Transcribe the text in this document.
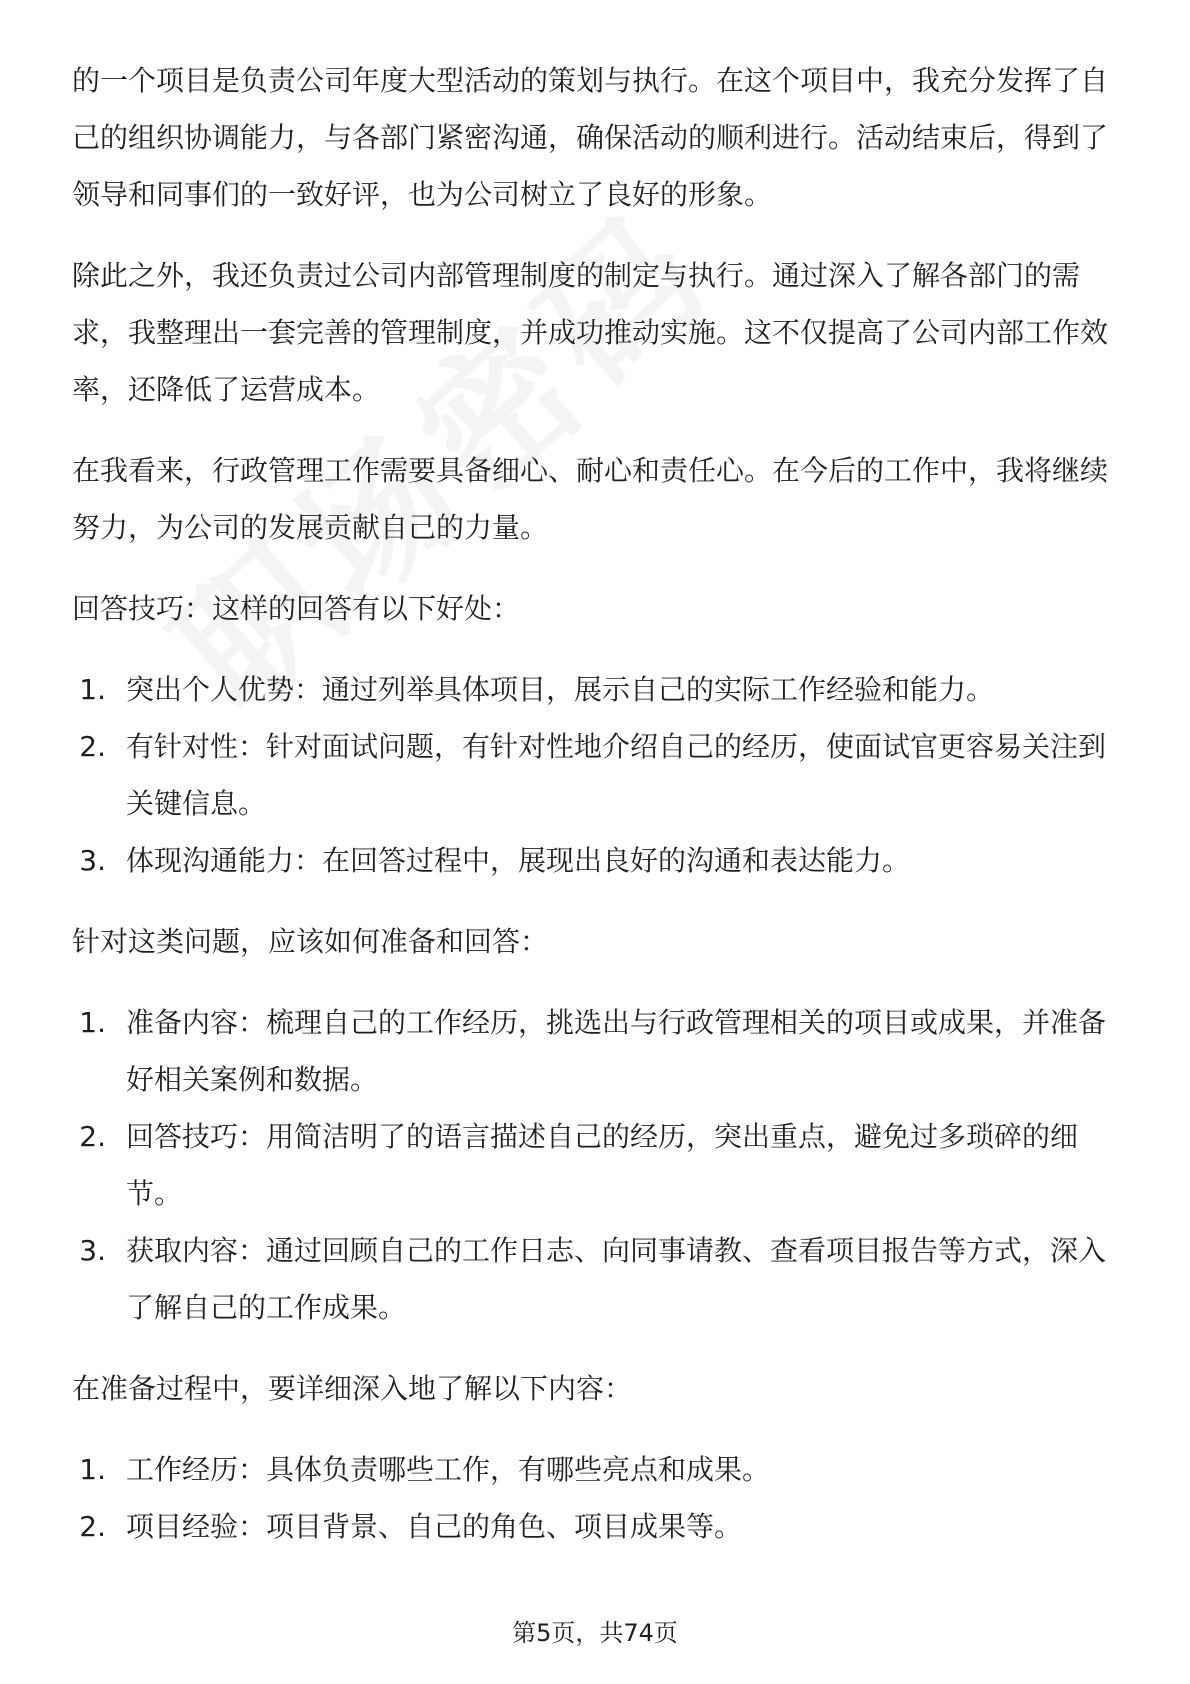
的一个项目是负责公司年度大型活动的策划与执行。在这个项目中，我充分发挥了自己的组织协调能力，与各部门紧密沟通，确保活动的顺利进行。活动结束后，得到了领导和同事们的一致好评，也为公司树立了良好的形象。

除此之外，我还负责过公司内部管理制度的制定与执行。通过深入了解各部门的需求，我整理出一套完善的管理制度，并成功推动实施。这不仅提高了公司内部工作效率，还降低了运营成本。

在我看来，行政管理工作需要具备细心、耐心和责任心。在今后的工作中，我将继续努力，为公司的发展贡献自己的力量。

回答技巧：这样的回答有以下好处：

1. 突出个人优势：通过列举具体项目，展示自己的实际工作经验和能力。
2. 有针对性：针对面试问题，有针对性地介绍自己的经历，使面试官更容易关注到关键信息。
3. 体现沟通能力：在回答过程中，展现出良好的沟通和表达能力。

针对这类问题，应该如何准备和回答：

1. 准备内容：梳理自己的工作经历，挑选出与行政管理相关的项目或成果，并准备好相关案例和数据。
2. 回答技巧：用简洁明了的语言描述自己的经历，突出重点，避免过多琐碎的细节。
3. 获取内容：通过回顾自己的工作日志、向同事请教、查看项目报告等方式，深入了解自己的工作成果。

在准备过程中，要详细深入地了解以下内容：

1. 工作经历：具体负责哪些工作，有哪些亮点和成果。
2. 项目经验：项目背景、自己的角色、项目成果等。
第5页，共74页
